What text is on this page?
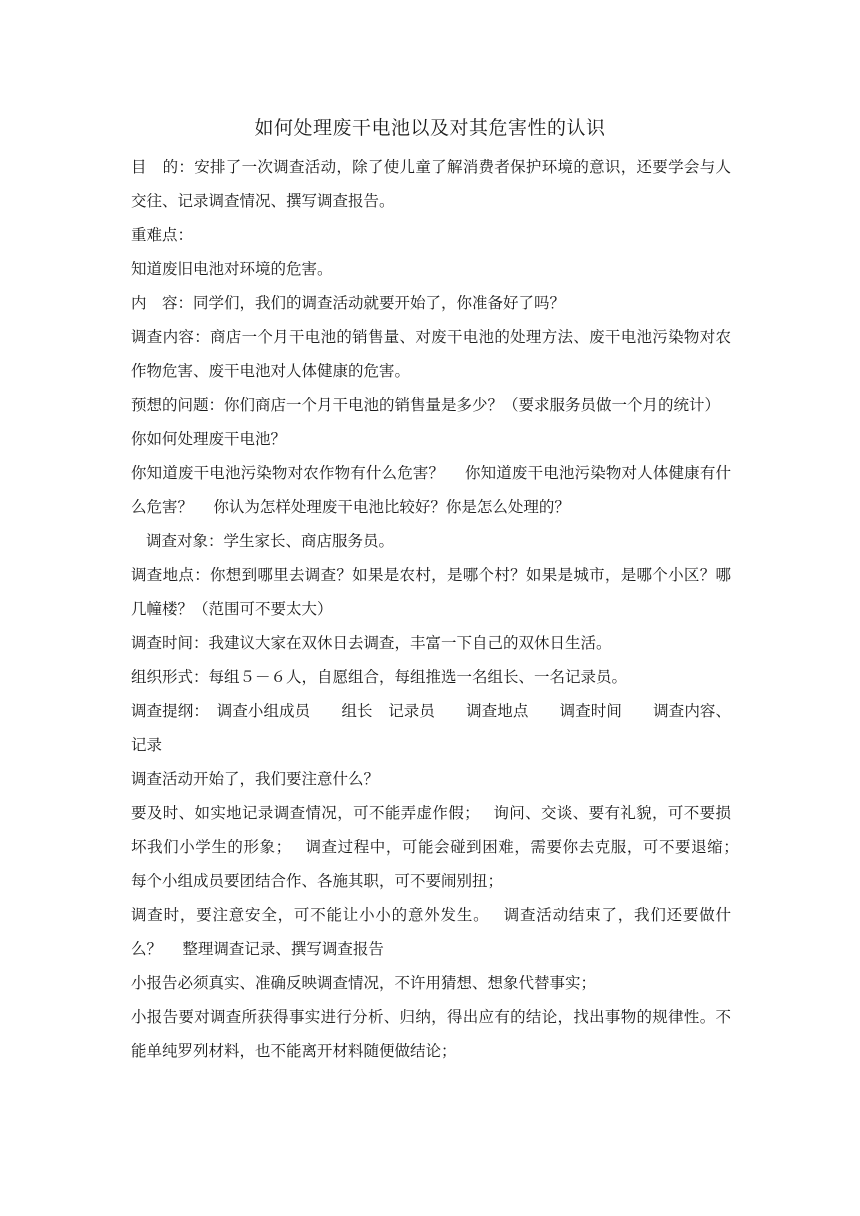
如何处理废干电池以及对其危害性的认识

目　的：安排了一次调查活动，除了使儿童了解消费者保护环境的意识，还要学会与人交往、记录调查情况、撰写调查报告。

重难点：

知道废旧电池对环境的危害。

内　容：同学们，我们的调查活动就要开始了，你准备好了吗？

调查内容：商店一个月干电池的销售量、对废干电池的处理方法、废干电池污染物对农作物危害、废干电池对人体健康的危害。

预想的问题：你们商店一个月干电池的销售量是多少？（要求服务员做一个月的统计）

你如何处理废干电池？

你知道废干电池污染物对农作物有什么危害？　 你知道废干电池污染物对人体健康有什么危害？　 你认为怎样处理废干电池比较好？你是怎么处理的？

调查对象：学生家长、商店服务员。

调查地点：你想到哪里去调查？如果是农村，是哪个村？如果是城市，是哪个小区？哪几幢楼？（范围可不要太大）

调查时间：我建议大家在双休日去调查，丰富一下自己的双休日生活。

组织形式：每组５－６人，自愿组合，每组推选一名组长、一名记录员。

调查提纲：　调查小组成员　　组长　记录员　　调查地点　　调查时间　　调查内容、记录

调查活动开始了，我们要注意什么？

要及时、如实地记录调查情况，可不能弄虚作假；　 询问、交谈、要有礼貌，可不要损坏我们小学生的形象；　 调查过程中，可能会碰到困难，需要你去克服，可不要退缩；　 每个小组成员要团结合作、各施其职，可不要闹别扭；

调查时，要注意安全，可不能让小小的意外发生。　 调查活动结束了，我们还要做什么？　 整理调查记录、撰写调查报告

小报告必须真实、准确反映调查情况，不许用猜想、想象代替事实；

小报告要对调查所获得事实进行分析、归纳，得出应有的结论，找出事物的规律性。不能单纯罗列材料，也不能离开材料随便做结论；
